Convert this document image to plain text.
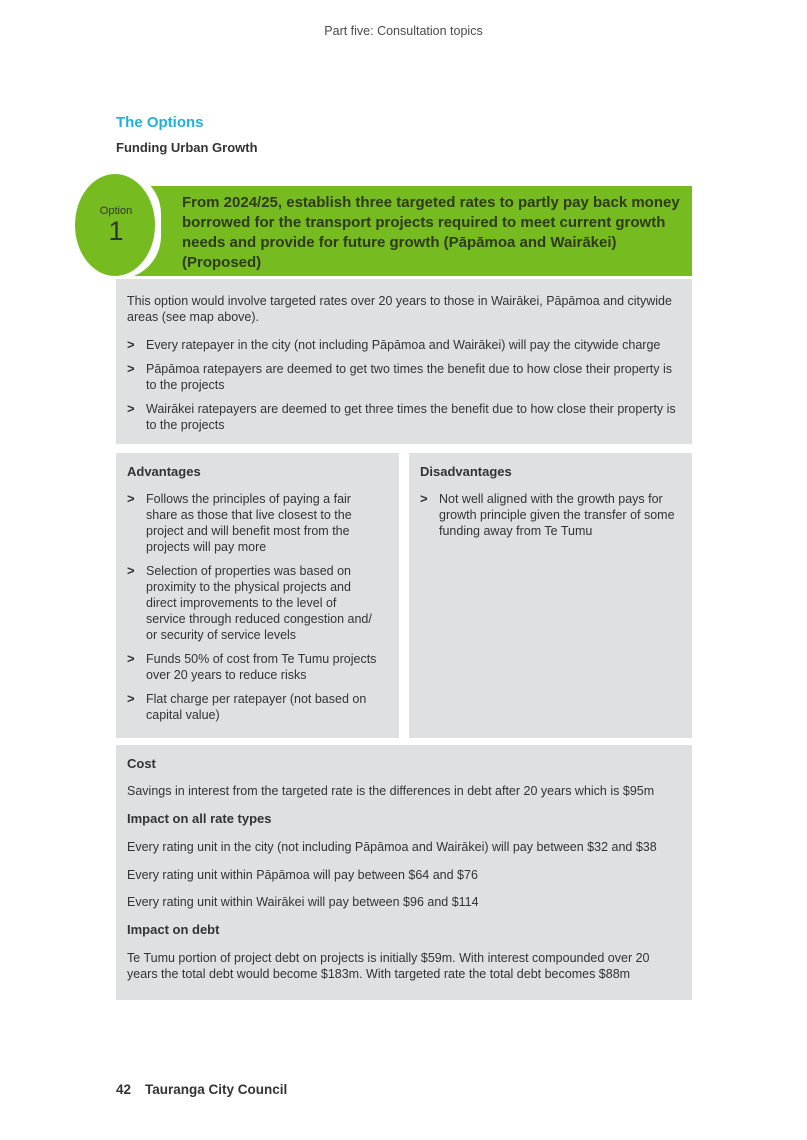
Part five: Consultation topics
The Options
Funding Urban Growth
Option
1
From 2024/25, establish three targeted rates to partly pay back money borrowed for the transport projects required to meet current growth needs and provide for future growth (Pāpāmoa and Wairākei) (Proposed)

This option would involve targeted rates over 20 years to those in Wairākei, Pāpāmoa and citywide areas (see map above).

> Every ratepayer in the city (not including Pāpāmoa and Wairākei) will pay the citywide charge
> Pāpāmoa ratepayers are deemed to get two times the benefit due to how close their property is to the projects
> Wairākei ratepayers are deemed to get three times the benefit due to how close their property is to the projects
Advantages
> Follows the principles of paying a fair share as those that live closest to the project and will benefit most from the projects will pay more
> Selection of properties was based on proximity to the physical projects and direct improvements to the level of service through reduced congestion and/ or security of service levels
> Funds 50% of cost from Te Tumu projects over 20 years to reduce risks
> Flat charge per ratepayer (not based on capital value)
Disadvantages
> Not well aligned with the growth pays for growth principle given the transfer of some funding away from Te Tumu
Cost
Savings in interest from the targeted rate is the differences in debt after 20 years which is $95m
Impact on all rate types
Every rating unit in the city (not including Pāpāmoa and Wairākei) will pay between $32 and $38
Every rating unit within Pāpāmoa will pay between $64 and $76
Every rating unit within Wairākei will pay between $96 and $114
Impact on debt
Te Tumu portion of project debt on projects is initially $59m. With interest compounded over 20 years the total debt would become $183m. With targeted rate the total debt becomes $88m
42 Tauranga City Council
